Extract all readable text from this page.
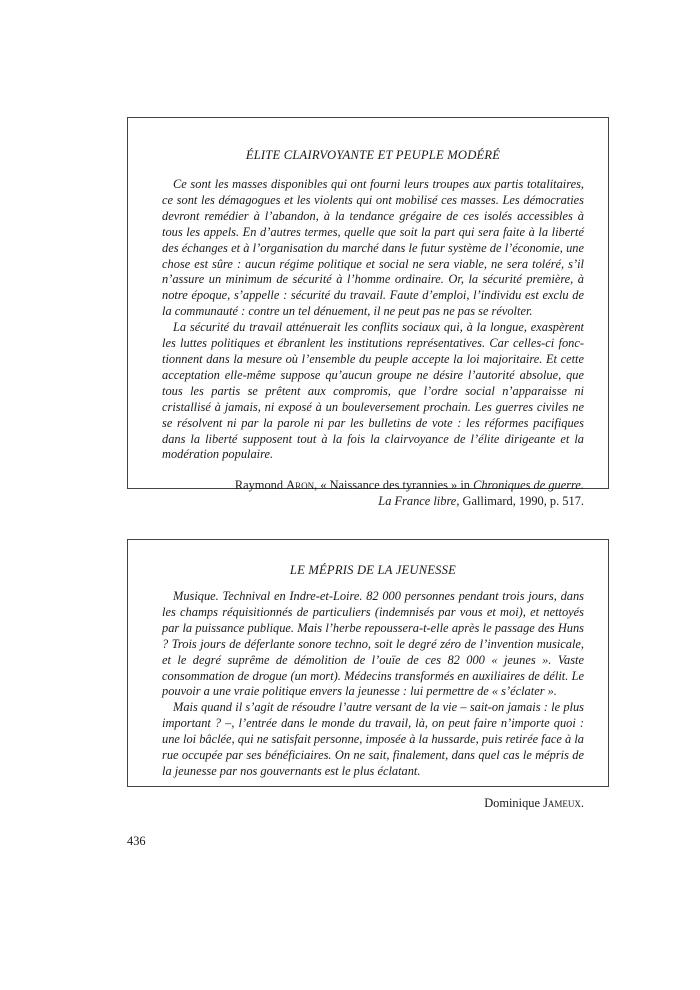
ÉLITE CLAIRVOYANTE ET PEUPLE MODÉRÉ

Ce sont les masses disponibles qui ont fourni leurs troupes aux partis totalitaires, ce sont les démagogues et les violents qui ont mobilisé ces masses. Les démocraties devront remédier à l’abandon, à la tendance grégaire de ces isolés accessibles à tous les appels. En d’autres termes, quelle que soit la part qui sera faite à la liberté des échanges et à l’organisation du marché dans le futur système de l’économie, une chose est sûre : aucun régime politique et social ne sera viable, ne sera toléré, s’il n’assure un minimum de sécurité à l’homme ordinaire. Or, la sécurité première, à notre époque, s’appelle : sécurité du travail. Faute d’emploi, l’individu est exclu de la communauté : contre un tel dénuement, il ne peut pas ne pas se révolter.

La sécurité du travail atténuerait les conflits sociaux qui, à la longue, exaspèrent les luttes politiques et ébranlent les institutions représentatives. Car celles-ci fonctionnent dans la mesure où l’ensemble du peuple accepte la loi majoritaire. Et cette acceptation elle-même suppose qu’aucun groupe ne désire l’autorité absolue, que tous les partis se prêtent aux compromis, que l’ordre social n’apparaisse ni cristallisé à jamais, ni exposé à un bouleversement prochain. Les guerres civiles ne se résolvent ni par la parole ni par les bulletins de vote : les réformes pacifiques dans la liberté supposent tout à la fois la clairvoyance de l’élite dirigeante et la modération populaire.

Raymond Aron, « Naissance des tyrannies » in Chroniques de guerre.
La France libre, Gallimard, 1990, p. 517.
LE MÉPRIS DE LA JEUNESSE

Musique. Technival en Indre-et-Loire. 82 000 personnes pendant trois jours, dans les champs réquisitionnés de particuliers (indemnisés par vous et moi), et nettoyés par la puissance publique. Mais l’herbe repoussera-t-elle après le passage des Huns ? Trois jours de déferlante sonore techno, soit le degré zéro de l’invention musicale, et le degré suprême de démolition de l’ouïe de ces 82 000 « jeunes ». Vaste consommation de drogue (un mort). Médecins transformés en auxiliaires de délit. Le pouvoir a une vraie politique envers la jeunesse : lui permettre de « s’éclater ».

Mais quand il s’agit de résoudre l’autre versant de la vie – sait-on jamais : le plus important ? –, l’entrée dans le monde du travail, là, on peut faire n’importe quoi : une loi bâclée, qui ne satisfait personne, imposée à la hussarde, puis retirée face à la rue occupée par ses bénéficiaires. On ne sait, finalement, dans quel cas le mépris de la jeunesse par nos gouvernants est le plus éclatant.

Dominique Jameux.
436
